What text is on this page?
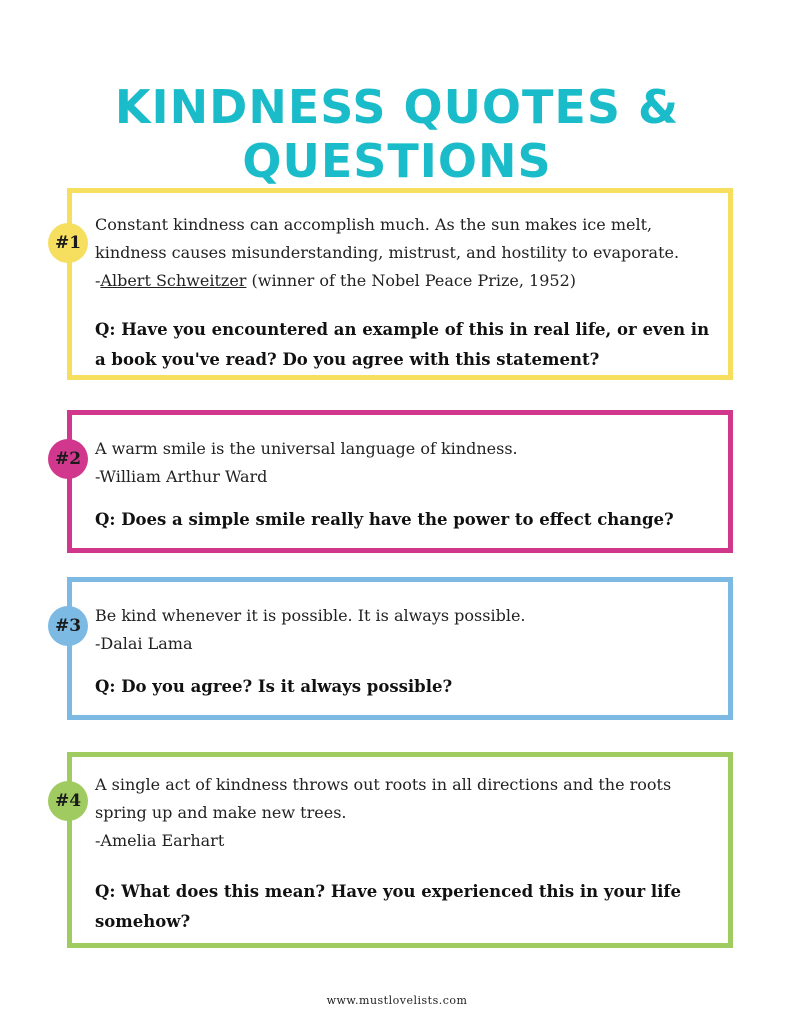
KINDNESS QUOTES & QUESTIONS
#1

Constant kindness can accomplish much. As the sun makes ice melt,

kindness causes misunderstanding, mistrust, and hostility to evaporate.

-Albert Schweitzer (winner of the Nobel Peace Prize, 1952)

Q: Have you encountered an example of this in real life, or even in a book you've read? Do you agree with this statement?

#2

A warm smile is the universal language of kindness.

-William Arthur Ward

Q: Does a simple smile really have the power to effect change?

#3

Be kind whenever it is possible. It is always possible.

-Dalai Lama

Q: Do you agree? Is it always possible?

#4

A single act of kindness throws out roots in all directions and the roots

spring up and make new trees.

-Amelia Earhart

Q: What does this mean? Have you experienced this in your life somehow?

www.mustlovelists.com
